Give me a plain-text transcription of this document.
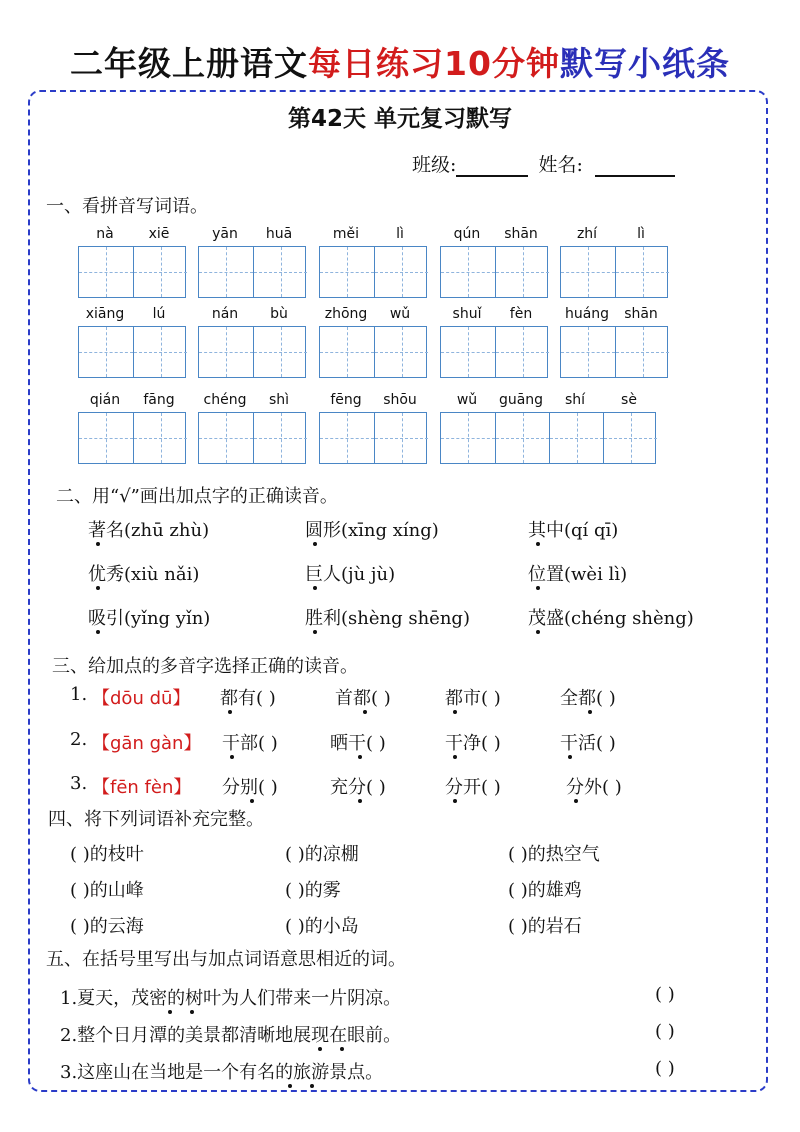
二年级上册语文每日练习10分钟默写小纸条
第42天 单元复习默写
班级:	姓名:
一、看拼音写词语。
nà	xiē	yān	huā	měi	lì	qún	shān	zhí	lì
xiāng	lú	nán	bù	zhōng	wǔ	shuǐ	fèn	huáng	shān
qián	fāng	chéng	shì	fēng	shōu	wǔ	guāng	shí	sè
二、用“√”画出加点字的正确读音。
著名(zhū zhù)	圆形(xīng xíng)	其中(qí qī)
优秀(xiù nǎi)	巨人(jù jù)	位置(wèi lì)
吸引(yǐng yǐn)	胜利(shèng shēng)	茂盛(chéng shèng)
三、给加点的多音字选择正确的读音。
1. 【dōu dū】 都有( )	首都( )	都市( )	全都( )
2. 【gān gàn】 干部( )	晒干( )	干净( )	干活( )
3. 【fēn fèn】 分别( )	充分( )	分开( )	分外( )
四、将下列词语补充完整。
( )的枝叶	( )的凉棚	( )的热空气
( )的山峰	( )的雾	( )的雄鸡
( )的云海	( )的小岛	( )的岩石
五、在括号里写出与加点词语意思相近的词。
1.夏天，茂密的树叶为人们带来一片阴凉。	( )
2.整个日月潭的美景都清晰地展现在眼前。	( )
3.这座山在当地是一个有名的旅游景点。	( )
